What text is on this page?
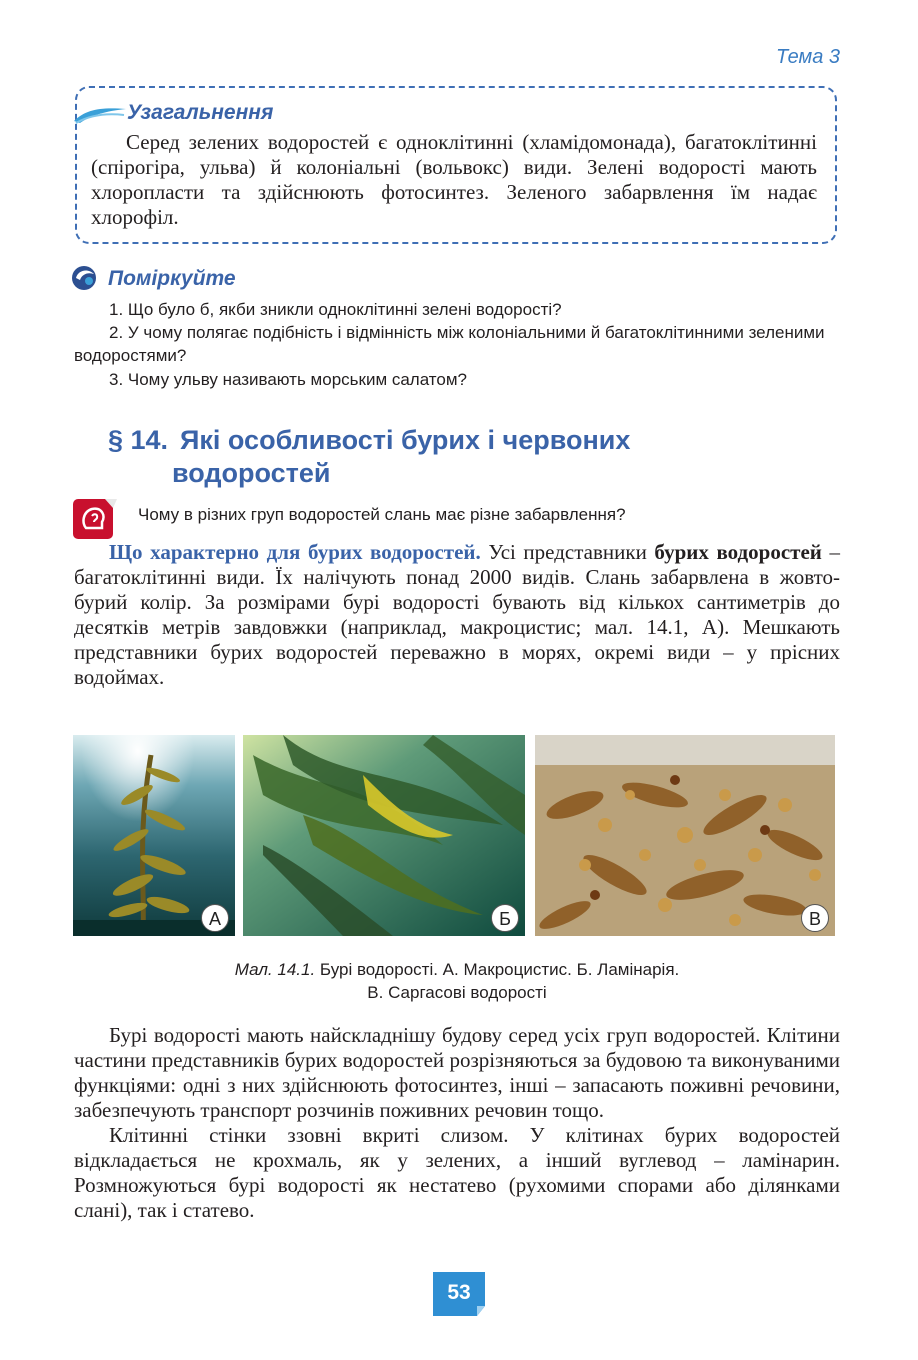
Тема 3
Узагальнення

Серед зелених водоростей є одноклітинні (хламідомонада), багатоклітинні (спірогіра, ульва) й колоніальні (вольвокс) види. Зелені водорості мають хлоропласти та здійснюють фотосинтез. Зеленого забарвлення їм надає хлорофіл.

Поміркуйте
1. Що було б, якби зникли одноклітинні зелені водорості?
2. У чому полягає подібність і відмінність між колоніальними й багатоклітинними зеленими водоростями?
3. Чому ульву називають морським салатом?
§ 14. Які особливості бурих і червоних
водоростей
Чому в різних груп водоростей слань має різне забарвлення?

Що характерно для бурих водоростей. Усі представники бурих водоростей – багатоклітинні види. Їх налічують понад 2000 видів. Слань забарвлена в жовто-бурий колір. За розмірами бурі водорості бувають від кількох сантиметрів до десятків метрів завдовжки (наприклад, макроцистис; мал. 14.1, А). Мешкають представники бурих водоростей переважно в морях, окремі види – у прісних водоймах.

А	Б	В
Мал. 14.1. Бурі водорості. А. Макроцистис. Б. Ламінарія.
В. Саргасові водорості

Бурі водорості мають найскладнішу будову серед усіх груп водоростей. Клітини частини представників бурих водоростей розрізняються за будовою та виконуваними функціями: одні з них здійснюють фотосинтез, інші – запасають поживні речовини, забезпечують транспорт розчинів поживних речовин тощо.

Клітинні стінки ззовні вкриті слизом. У клітинах бурих водоростей відкладається не крохмаль, як у зелених, а інший вуглевод – ламінарин. Розмножуються бурі водорості як нестатево (рухомими спорами або ділянками слані), так і статево.

53
